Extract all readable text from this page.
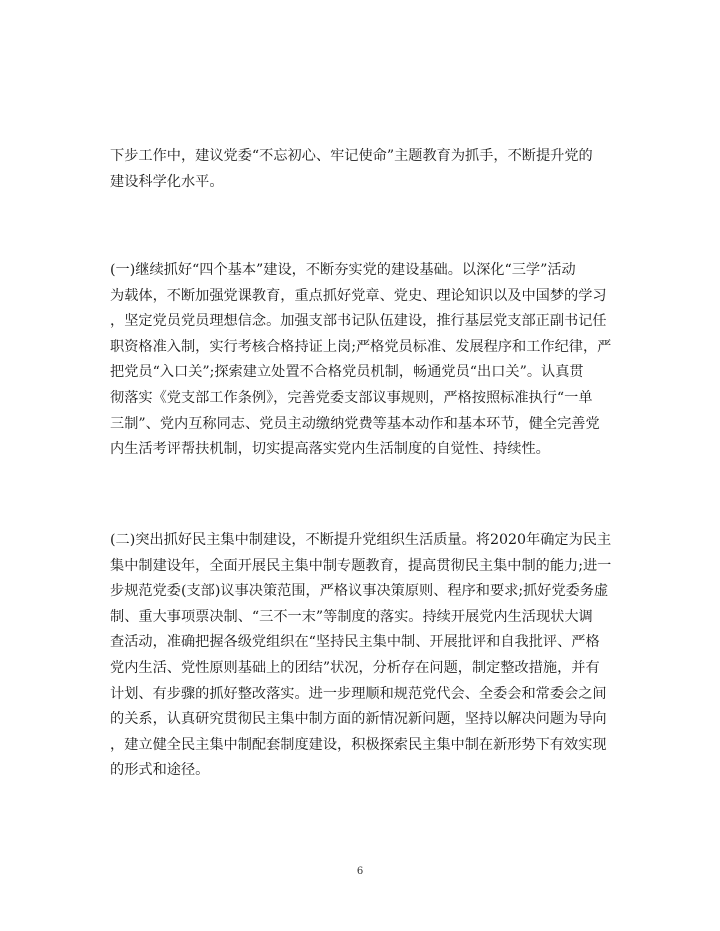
下步工作中，建议党委“不忘初心、牢记使命”主题教育为抓手，不断提升党的
建设科学化水平。
(一)继续抓好“四个基本”建设，不断夯实党的建设基础。以深化“三学”活动
为载体，不断加强党课教育，重点抓好党章、党史、理论知识以及中国梦的学习
，坚定党员党员理想信念。加强支部书记队伍建设，推行基层党支部正副书记任
职资格准入制，实行考核合格持证上岗;严格党员标准、发展程序和工作纪律，严
把党员“入口关”;探索建立处置不合格党员机制，畅通党员“出口关”。认真贯
彻落实《党支部工作条例》，完善党委支部议事规则，严格按照标准执行“一单
三制”、党内互称同志、党员主动缴纳党费等基本动作和基本环节，健全完善党
内生活考评帮扶机制，切实提高落实党内生活制度的自觉性、持续性。
(二)突出抓好民主集中制建设，不断提升党组织生活质量。将2020年确定为民主
集中制建设年，全面开展民主集中制专题教育，提高贯彻民主集中制的能力;进一
步规范党委(支部)议事决策范围，严格议事决策原则、程序和要求;抓好党委务虚
制、重大事项票决制、“三不一末”等制度的落实。持续开展党内生活现状大调
查活动，准确把握各级党组织在“坚持民主集中制、开展批评和自我批评、严格
党内生活、党性原则基础上的团结”状况，分析存在问题，制定整改措施，并有
计划、有步骤的抓好整改落实。进一步理顺和规范党代会、全委会和常委会之间
的关系，认真研究贯彻民主集中制方面的新情况新问题，坚持以解决问题为导向
，建立健全民主集中制配套制度建设，积极探索民主集中制在新形势下有效实现
的形式和途径。
6
